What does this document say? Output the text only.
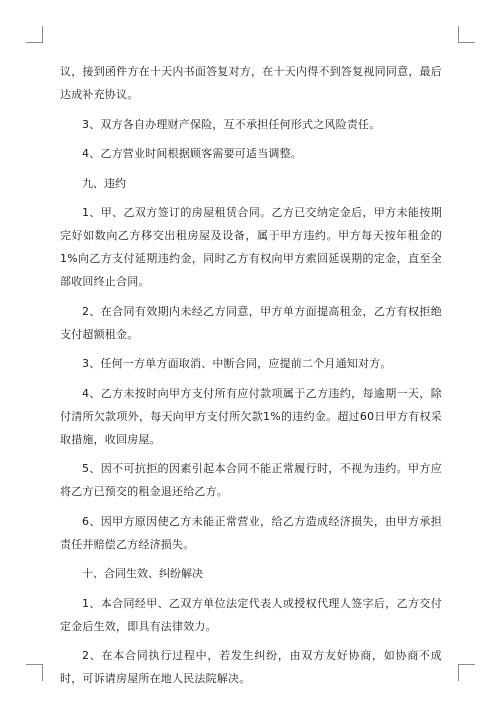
议，接到函件方在十天内书面答复对方，在十天内得不到答复视同同意，最后达成补充协议。

3、双方各自办理财产保险，互不承担任何形式之风险责任。

4、乙方营业时间根据顾客需要可适当调整。

九、违约

1、甲、乙双方签订的房屋租赁合同。乙方已交纳定金后，甲方未能按期完好如数向乙方移交出租房屋及设备，属于甲方违约。甲方每天按年租金的1%向乙方支付延期违约金，同时乙方有权向甲方索回延误期的定金，直至全部收回终止合同。

2、在合同有效期内未经乙方同意，甲方单方面提高租金，乙方有权拒绝支付超额租金。

3、任何一方单方面取消、中断合同，应提前二个月通知对方。

4、乙方未按时向甲方支付所有应付款项属于乙方违约，每逾期一天，除付清所欠款项外，每天向甲方支付所欠款1%的违约金。超过60日甲方有权采取措施，收回房屋。

5、因不可抗拒的因素引起本合同不能正常履行时，不视为违约。甲方应将乙方已预交的租金退还给乙方。

6、因甲方原因使乙方未能正常营业，给乙方造成经济损失，由甲方承担责任并赔偿乙方经济损失。

十、合同生效、纠纷解决

1、本合同经甲、乙双方单位法定代表人或授权代理人签字后，乙方交付定金后生效，即具有法律效力。

2、在本合同执行过程中，若发生纠纷，由双方友好协商，如协商不成时，可诉请房屋所在地人民法院解决。
